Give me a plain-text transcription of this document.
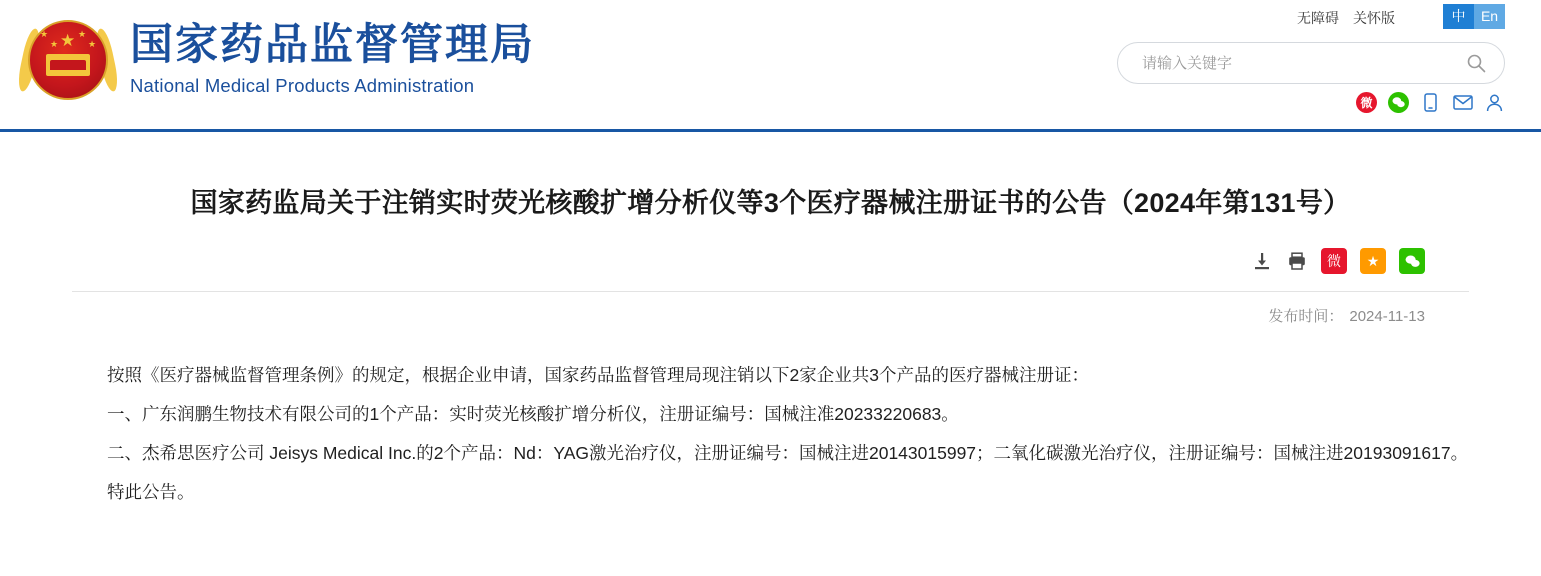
★
★
★
★
★ 国家药品监督管理局
National Medical Products Administration
无障碍 关怀版	中	En
请输入关键字
微
国家药监局关于注销实时荧光核酸扩增分析仪等3个医疗器械注册证书的公告（2024年第131号）
微	★
发布时间： 2024-11-13

按照《医疗器械监督管理条例》的规定，根据企业申请，国家药品监督管理局现注销以下2家企业共3个产品的医疗器械注册证：

一、广东润鹏生物技术有限公司的1个产品：实时荧光核酸扩增分析仪，注册证编号：国械注准20233220683。

二、杰希思医疗公司 Jeisys Medical Inc.的2个产品：Nd：YAG激光治疗仪，注册证编号：国械注进20143015997；二氧化碳激光治疗仪，注册证编号：国械注进20193091617。

特此公告。
